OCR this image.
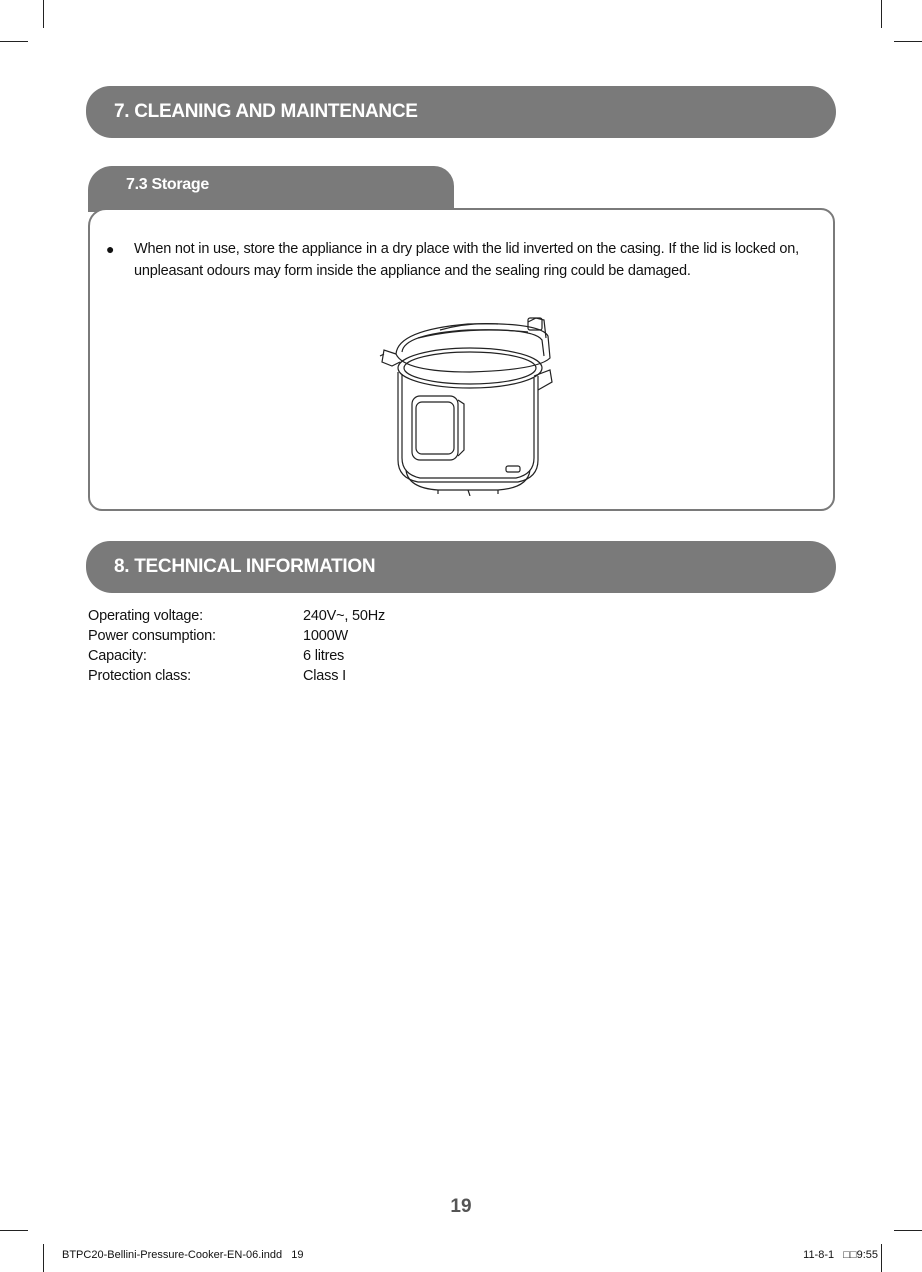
7. CLEANING AND MAINTENANCE
7.3 Storage
● When not in use, store the appliance in a dry place with the lid inverted on the casing. If the lid is locked on, unpleasant odours may form inside the appliance and the sealing ring could be damaged.
8. TECHNICAL INFORMATION
Operating voltage:	240V~, 50Hz
Power consumption:	1000W
Capacity:	6 litres
Protection class:	Class I
19
BTPC20-Bellini-Pressure-Cooker-EN-06.indd   19	11-8-1   □□9:55
